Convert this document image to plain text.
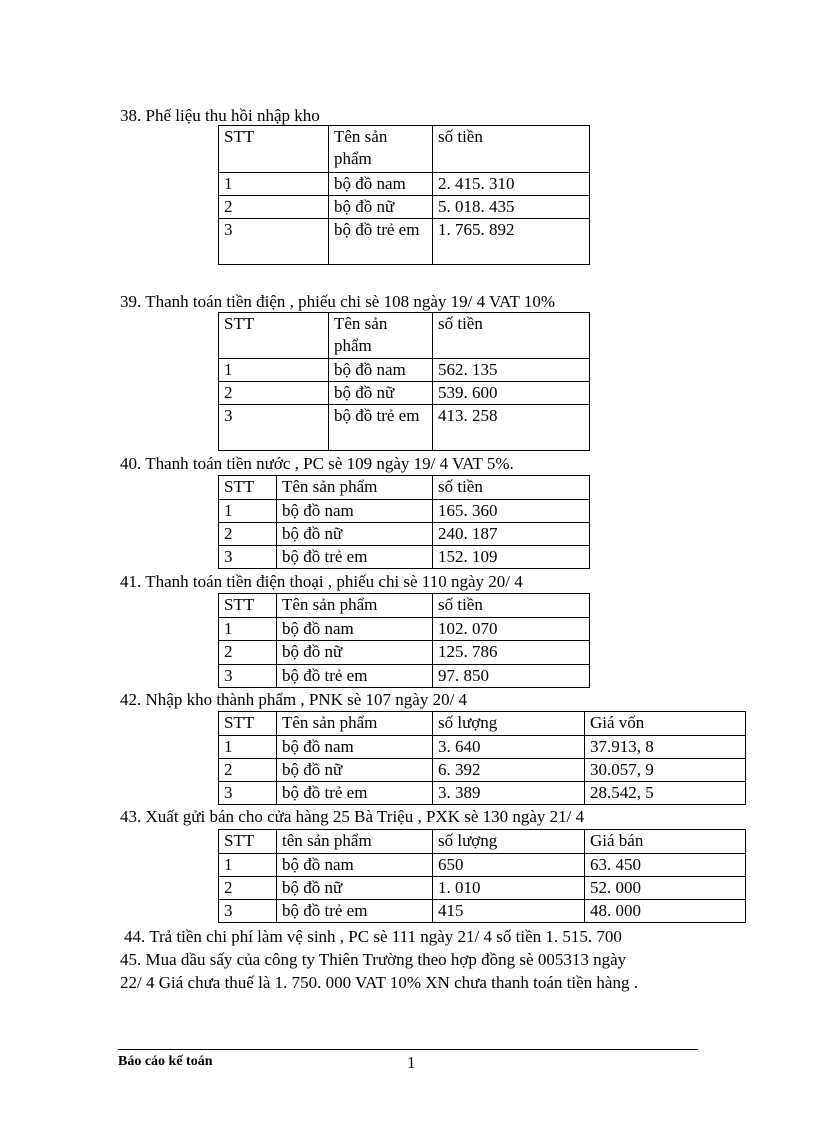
38. Phế liệu thu hồi nhập kho
STT	Tên sản phẩm	số tiền
1	bộ đồ nam	2. 415. 310
2	bộ đồ nữ	5. 018. 435
3	bộ đồ trẻ em	1. 765. 892
39. Thanh toán tiền điện , phiếu chi sè 108 ngày 19/ 4 VAT 10%
STT	Tên sản phẩm	số tiền
1	bộ đồ nam	562. 135
2	bộ đồ nữ	539. 600
3	bộ đồ trẻ em	413. 258
40. Thanh toán tiền nước , PC sè 109 ngày 19/ 4 VAT 5%.
STT	Tên sản phẩm	số tiền
1	bộ đồ nam	165. 360
2	bộ đồ nữ	240. 187
3	bộ đồ trẻ em	152. 109
41. Thanh toán tiền điện thoại , phiếu chi sè 110 ngày 20/ 4
STT	Tên sản phẩm	số tiền
1	bộ đồ nam	102. 070
2	bộ đồ nữ	125. 786
3	bộ đồ trẻ em	97. 850
42. Nhập kho thành phẩm , PNK sè 107 ngày 20/ 4
STT	Tên sản phẩm	số lượng	Giá vốn
1	bộ đồ nam	3. 640	37.913, 8
2	bộ đồ nữ	6. 392	30.057, 9
3	bộ đồ trẻ em	3. 389	28.542, 5
43. Xuất gửi bán cho cửa hàng 25 Bà Triệu , PXK sè 130 ngày 21/ 4
STT	tên sản phẩm	số lượng	Giá bán
1	bộ đồ nam	650	63. 450
2	bộ đồ nữ	1. 010	52. 000
3	bộ đồ trẻ em	415	48. 000
44. Trả tiền chi phí làm vệ sinh , PC sè 111 ngày 21/ 4 số tiền 1. 515. 700
45. Mua dầu sấy của công ty Thiên Trường theo hợp đồng sè 005313 ngày
22/ 4 Giá chưa thuế là 1. 750. 000 VAT 10% XN chưa thanh toán tiền hàng .
Báo cáo kế toán	1
